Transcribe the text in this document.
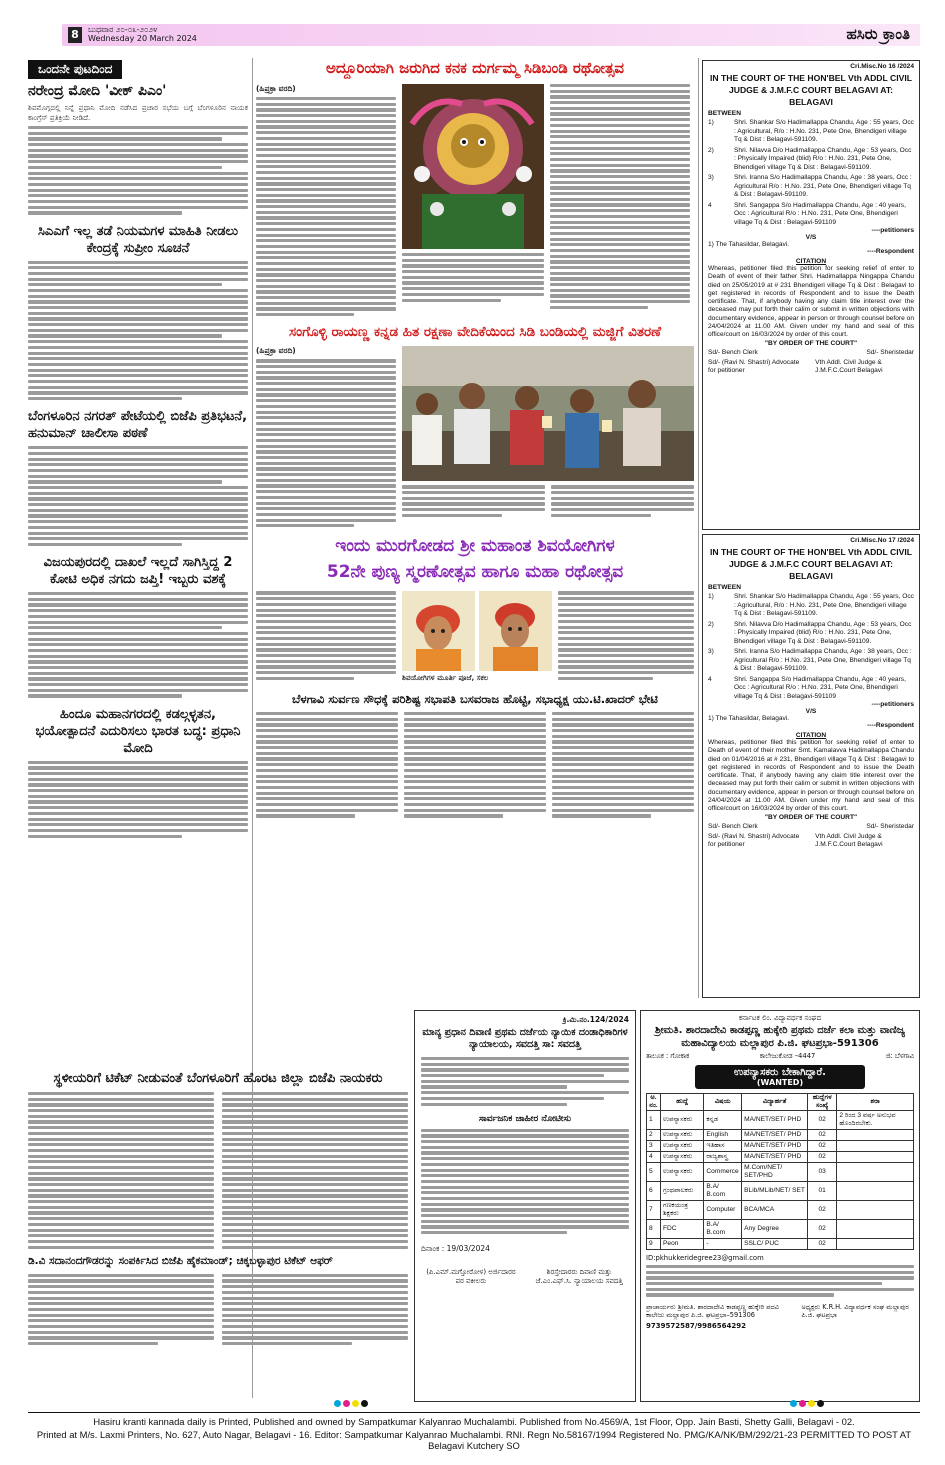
8	ಬುಧವಾರ ೨೦-೦೩-೨೦೨೪
Wednesday 20 March 2024	ಹಸಿರು ಕ್ರಾಂತಿ
ಒಂದನೇ ಪುಟದಿಂದ
ನರೇಂದ್ರ ಮೋದಿ 'ವೀಕ್ ಪಿಎಂ'
ಶಿವಮೊಗ್ಗದಲ್ಲಿ ನಿನ್ನೆ ಪ್ರಧಾನಿ ಮೋದಿ ನಡೆಸಿದ ಪ್ರಚಾರ ಸಭೆಯ ಬಗ್ಗೆ ಬೆಂಗಳೂರಿನ ನಾಯಕ ಕಾಂಗ್ರೆಸ್ ಪ್ರತಿಕ್ರಿಯೆ ನೀಡಿದೆ.
ಸಿಎಎಗೆ ಇಲ್ಲ ತಡೆ ನಿಯಮಗಳ ಮಾಹಿತಿ ನೀಡಲು ಕೇಂದ್ರಕ್ಕೆ ಸುಪ್ರೀಂ ಸೂಚನೆ
ಬೆಂಗಳೂರಿನ ನಗರತ್ ಪೇಟೆಯಲ್ಲಿ ಬಿಜೆಪಿ ಪ್ರತಿಭಟನೆ, ಹನುಮಾನ್ ಚಾಲೀಸಾ ಪಠಣೆ
ವಿಜಯಪುರದಲ್ಲಿ ದಾಖಲೆ ಇಲ್ಲದೆ ಸಾಗಿಸ್ತಿದ್ದ 2 ಕೋಟಿ ಅಧಿಕ ನಗದು ಜಪ್ತಿ! ಇಬ್ಬರು ವಶಕ್ಕೆ
ಹಿಂದೂ ಮಹಾನಗರದಲ್ಲಿ ಕಡಲ್ಗಳ್ಳತನ, ಭಯೋತ್ಪಾದನೆ ಎದುರಿಸಲು ಭಾರತ ಬದ್ಧ: ಪ್ರಧಾನಿ ಮೋದಿ
ಸ್ಥಳೀಯರಿಗೆ ಟಿಕೆಟ್ ನೀಡುವಂತೆ ಬೆಂಗಳೂರಿಗೆ ಹೊರಟ ಜಿಲ್ಲಾ ಬಿಜೆಪಿ ನಾಯಕರು
ಡಿ.ವಿ ಸದಾನಂದಗೌಡರನ್ನು ಸಂಪರ್ಕಿಸಿದ ಬಿಜೆಪಿ ಹೈಕಮಾಂಡ್; ಚಿಕ್ಕಬಳ್ಳಾಪುರ ಟಿಕೆಟ್ ಆಫರ್
ಅದ್ದೂರಿಯಾಗಿ ಜರುಗಿದ ಕನಕ ದುರ್ಗಮ್ಮ ಸಿಡಿಬಂಡಿ ರಥೋತ್ಸವ
(ಹಿಪ್ರಕ್ರಾ ವರದಿ)
ಸಂಗೊಳ್ಳಿ ರಾಯಣ್ಣ ಕನ್ನಡ ಹಿತ ರಕ್ಷಣಾ ವೇದಿಕೆಯಿಂದ ಸಿಡಿ ಬಂಡಿಯಲ್ಲಿ ಮಜ್ಜಿಗೆ ವಿತರಣೆ
(ಹಿಪ್ರಕ್ರಾ ವರದಿ)
ಇಂದು ಮುರಗೋಡದ ಶ್ರೀ ಮಹಾಂತ ಶಿವಯೋಗಿಗಳ
52ನೇ ಪುಣ್ಯ ಸ್ಮರಣೋತ್ಸವ ಹಾಗೂ ಮಹಾ ರಥೋತ್ಸವ
ಶಿವಯೋಗಿಗಳ ಮೂರ್ತಿ ಪೂಜೆ, ಸಕಲ
ಬೆಳಗಾವಿ ಸುರ್ವಣ ಸೌಧಕ್ಕೆ ಪರಿಶಿಷ್ಟ ಸಭಾಪತಿ ಬಸವರಾಜ ಹೊಟ್ಟಿ, ಸಭಾಧ್ಯಕ್ಷ ಯು.ಟಿ.ಖಾದರ್ ಭೇಟಿ
Cri.Misc.No 16 /2024
IN THE COURT OF THE HON'BEL Vth ADDL CIVIL JUDGE & J.M.F.C COURT BELAGAVI AT: BELAGAVI
BETWEEN
1)	Shri. Shankar S/o Hadimallappa Chandu, Age : 55 years, Occ : Agricultural, R/o : H.No. 231, Pete One, Bhendigeri village Tq & Dist : Belagavi-591109.
2)	Shri. Nilavva D/o Hadimallappa Chandu, Age : 53 years, Occ : Physically Impaired (blid) R/o : H.No. 231, Pete One, Bhendigeri village Tq & Dist : Belagavi-591109.
3)	Shri. Iranna S/o Hadimallappa Chandu, Age : 38 years, Occ : Agricultural R/o : H.No. 231, Pete One, Bhendigeri village Tq & Dist : Belagavi-591109.
4	Shri. Sangappa S/o Hadimallappa Chandu, Age : 40 years, Occ : Agricultural R/o : H.No. 231, Pete One, Bhendigeri village Tq & Dist : Belagavi-591109
----petitioners
V/S
1) The Tahasildar, Belagavi.
----Respondent
CITATION
Whereas, petitioner filed this petition for seeking relief of enter to Death of event of their father Shri. Hadimallappa Ningappa Chandu died on 25/05/2019 at # 231 Bhendigeri village Tq & Dist : Belagavi to get registered in records of Respondent and to issue the Death certificate. That, if anybody having any claim title interest over the deceased may put forth their calim or submit in written objections with documentary evidence, appear in person or through counsel before on 24/04/2024 at 11.00 AM. Given under my hand and seal of this office/court on 16/03/2024 by order of this court.
"BY ORDER OF THE COURT"
Sd/- Bench Clerk	Sd/- Sheristedar
Sd/- (Ravi N. Shastri) Advocate for petitioner
Vth Addl. Civil Judge & J.M.F.C.Court Belagavi
Cri.Misc.No 17 /2024
IN THE COURT OF THE HON'BEL Vth ADDL CIVIL JUDGE & J.M.F.C COURT BELAGAVI AT: BELAGAVI
BETWEEN
1)	Shri. Shankar S/o Hadimallappa Chandu, Age : 55 years, Occ : Agricultural, R/o : H.No. 231, Pete One, Bhendigeri village Tq & Dist : Belagavi-591109.
2)	Shri. Nilavva D/o Hadimallappa Chandu, Age : 53 years, Occ : Physically Impaired (blid) R/o : H.No. 231, Pete One, Bhendigeri village Tq & Dist : Belagavi-591109.
3)	Shri. Iranna S/o Hadimallappa Chandu, Age : 38 years, Occ : Agricultural R/o : H.No. 231, Pete One, Bhendigeri village Tq & Dist : Belagavi-591109.
4	Shri. Sangappa S/o Hadimallappa Chandu, Age : 40 years, Occ : Agricultural R/o : H.No. 231, Pete One, Bhendigeri village Tq & Dist : Belagavi-591109
----petitioners
V/S
1) The Tahasildar, Belagavi.
----Respondent
CITATION
Whereas, petitioner filed this petition for seeking relief of enter to Death of event of their mother Smt. Kamalavva Hadimallappa Chandu died on 01/04/2016 at # 231, Bhendigeri village Tq & Dist : Belagavi to get registered in records of Respondent and to issue the Death certificate. That, if anybody having any claim title interest over the deceased may put forth their calim or submit in written objections with documentary evidence, appear in person or through counsel before on 24/04/2024 at 11.00 AM. Given under my hand and seal of this office/court on 16/03/2024 by order of this court.
"BY ORDER OF THE COURT"
Sd/- Bench Clerk	Sd/- Sheristedar
Sd/- (Ravi N. Shastri) Advocate for petitioner
Vth Addl. Civil Judge & J.M.F.C.Court Belagavi
ಕ್ರಿ.ಮಿ.ನಂ.124/2024
ಮಾನ್ಯ ಪ್ರಧಾನ ದಿವಾಣಿ ಪ್ರಥಮ ದರ್ಜೆಯ ನ್ಯಾಯಿಕ ದಂಡಾಧಿಕಾರಿಗಳ ನ್ಯಾಯಾಲಯ, ಸವದತ್ತಿ ಸಾ: ಸವದತ್ತಿ
ಸಾರ್ವಜನಿಕ ಜಾಹೀರ ನೋಟೀಸು
ದಿನಾಂಕ : 19/03/2024
(ಪಿ.ಎಮ್.ಮಗ್ತೋರೋಳ) ಅರ್ಜಿದಾರರ ಪರ ವಕೀಲರು
ಶಿರಸ್ತೇದಾರರು ದಿವಾಣಿ ಮತ್ತು ಜೆ.ಎಂ.ಎಫ್.ಸಿ. ನ್ಯಾಯಾಲಯ ಸವದತ್ತಿ
ಕರ್ನಾಟಕ ಲಿಂ. ವಿದ್ಯಾವರ್ಧಕ ಸಂಘದ
ಶ್ರೀಮತಿ. ಶಾರದಾದೇವಿ ಕಾಡಪ್ಪಣ್ಣ ಹುಕ್ಕೇರಿ ಪ್ರಥಮ ದರ್ಜೆ ಕಲಾ ಮತ್ತು ವಾಣಿಜ್ಯ ಮಹಾವಿದ್ಯಾಲಯ ಮಲ್ಲಾಪುರ ಪಿ.ಜಿ. ಘಟಪ್ರಭಾ-591306
ತಾಲೂಕ : ಗೋಕಾಕ	ಕಾಲೇಜುಕೋಡ –4447	ಜಿ: ಬೆಳಗಾವಿ
ಉಪನ್ಯಾಸಕರು ಬೇಕಾಗಿದ್ದಾರೆ.
(WANTED)
ಅ. ನಂ.	ಹುದ್ದೆ	ವಿಷಯ	ವಿದ್ಯಾರ್ಹತೆ	ಹುದ್ದೆಗಳ ಸಂಖ್ಯೆ	ಶರಾ
1	ಉಪನ್ಯಾಸಕರು	ಕನ್ನಡ	MA/NET/SET/ PHD	02	2 ರಿಂದ 3 ವರ್ಷ ಅನುಭವ ಹೊಂದಿರಬೇಕು.
2	ಉಪನ್ಯಾಸಕರು	English	MA/NET/SET/ PHD	02	
3	ಉಪನ್ಯಾಸಕರು	ಇತಿಹಾಸ	MA/NET/SET/ PHD	02	
4	ಉಪನ್ಯಾಸಕರು	ರಾಜ್ಯಶಾಸ್ತ್ರ	MA/NET/SET/ PHD	02	
5	ಉಪನ್ಯಾಸಕರು	Commerce	M.Com/NET/ SET/PHD	03	
6	ಗ್ರಂಥಪಾಲಕರು	B.A/ B.com	BLib/MLib/NET/ SET	01	
7	ಗಣಕಯಂತ್ರ ಶಿಕ್ಷಕರು	Computer	BCA/MCA	02	
8	FDC	B.A/ B.com	Any Degree	02	
9	Peon	-	SSLC/ PUC	02	
ID:pkhukkeridegree23@gmail.com
ಪ್ರಾಚಾರ್ಯರು ಶ್ರೀಮತಿ. ಶಾರದಾದೇವಿ ಕಾಡಪ್ಪಣ್ಣ ಹುಕ್ಕೇರಿ ಪದವಿ ಕಾಲೇಜು ಮಲ್ಲಾಪುರ ಪಿ.ಜಿ. ಘಟಪ್ರಭಾ–591306
ಅಧ್ಯಕ್ಷರು K.R.H. ವಿದ್ಯಾವರ್ಧಕ ಸಂಘ ಮಲ್ಲಾಪುರ ಪಿ.ಜಿ. ಘಟಪ್ರಭಾ
9739572587/9986564292
Hasiru kranti kannada daily is Printed, Published and owned by Sampatkumar Kalyanrao Muchalambi. Published from No.4569/A, 1st Floor, Opp. Jain Basti, Shetty Galli, Belagavi - 02.
Printed at M/s. Laxmi Printers, No. 627, Auto Nagar, Belagavi - 16. Editor: Sampatkumar Kalyanrao Muchalambi. RNI. Regn No.58167/1994 Registered No. PMG/KA/NK/BM/292/21-23 PERMITTED TO POST AT Belagavi Kutchery SO
